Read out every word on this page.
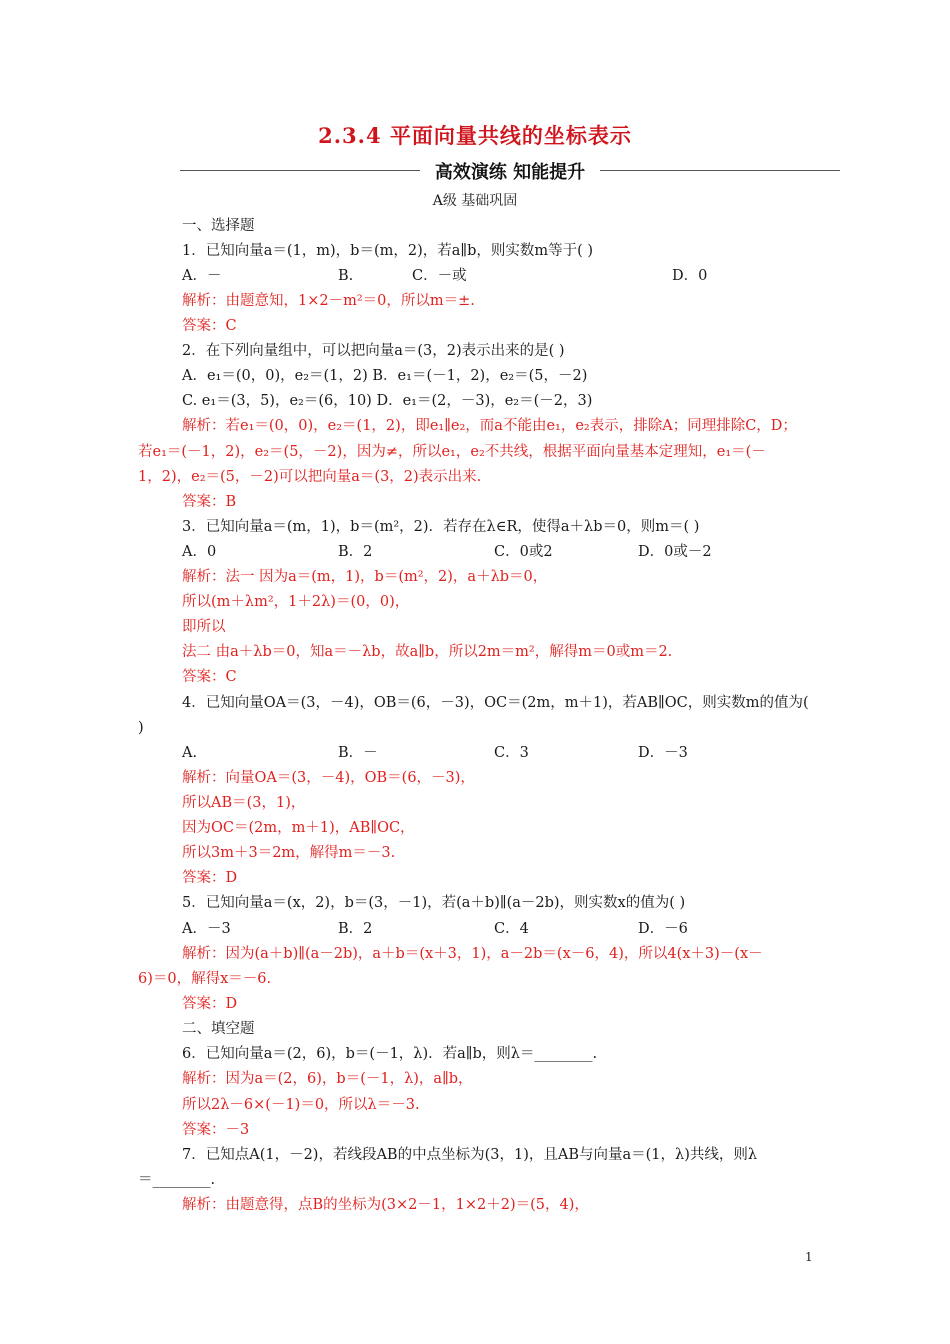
2.3.4 平面向量共线的坐标表示
高效演练 知能提升
A级 基础巩固
一、选择题
1．已知向量a＝(1，m)，b＝(m，2)，若a∥b，则实数m等于( )
A．－	B.	C．－或	D．0
解析：由题意知，1×2－m²＝0，所以m＝±.
答案：C
2．在下列向量组中，可以把向量a＝(3，2)表示出来的是( )
A．e₁＝(0，0)，e₂＝(1，2) B．e₁＝(－1，2)，e₂＝(5，－2)
C. e₁＝(3，5)，e₂＝(6，10) D．e₁＝(2，－3)，e₂＝(－2，3)
解析：若e₁＝(0，0)，e₂＝(1，2)，即e₁∥e₂，而a不能由e₁，e₂表示，排除A；同理排除C，D；
若e₁＝(－1，2)，e₂＝(5，－2)，因为≠，所以e₁，e₂不共线，根据平面向量基本定理知，e₁＝(－
1，2)，e₂＝(5，－2)可以把向量a＝(3，2)表示出来.
答案：B
3．已知向量a＝(m，1)，b＝(m²，2)．若存在λ∈R，使得a＋λb＝0，则m＝( )
A．0	B．2	C．0或2	D．0或－2
解析：法一 因为a＝(m，1)，b＝(m²，2)，a＋λb＝0，
所以(m＋λm²，1＋2λ)＝(0，0)，
即所以
法二 由a＋λb＝0，知a＝－λb，故a∥b，所以2m＝m²，解得m＝0或m＝2.
答案：C
4．已知向量OA＝(3，－4)，OB＝(6，－3)，OC＝(2m，m＋1)，若AB∥OC，则实数m的值为(
)
A.	B．－	C．3	D．－3
解析：向量OA＝(3，－4)，OB＝(6，－3)，
所以AB＝(3，1)，
因为OC＝(2m，m＋1)，AB∥OC，
所以3m＋3＝2m，解得m＝－3.
答案：D
5．已知向量a＝(x，2)，b＝(3，－1)，若(a＋b)∥(a－2b)，则实数x的值为( )
A．－3	B．2	C．4	D．－6
解析：因为(a＋b)∥(a－2b)，a＋b＝(x＋3，1)，a－2b＝(x－6，4)，所以4(x＋3)－(x－
6)＝0，解得x＝－6.
答案：D
二、填空题
6．已知向量a＝(2，6)，b＝(－1，λ)．若a∥b，则λ＝________.
解析：因为a＝(2，6)，b＝(－1，λ)，a∥b，
所以2λ－6×(－1)＝0，所以λ＝－3.
答案：－3
7．已知点A(1，－2)，若线段AB的中点坐标为(3，1)，且AB与向量a＝(1，λ)共线，则λ
＝________.
解析：由题意得，点B的坐标为(3×2－1，1×2＋2)＝(5，4)，
1
